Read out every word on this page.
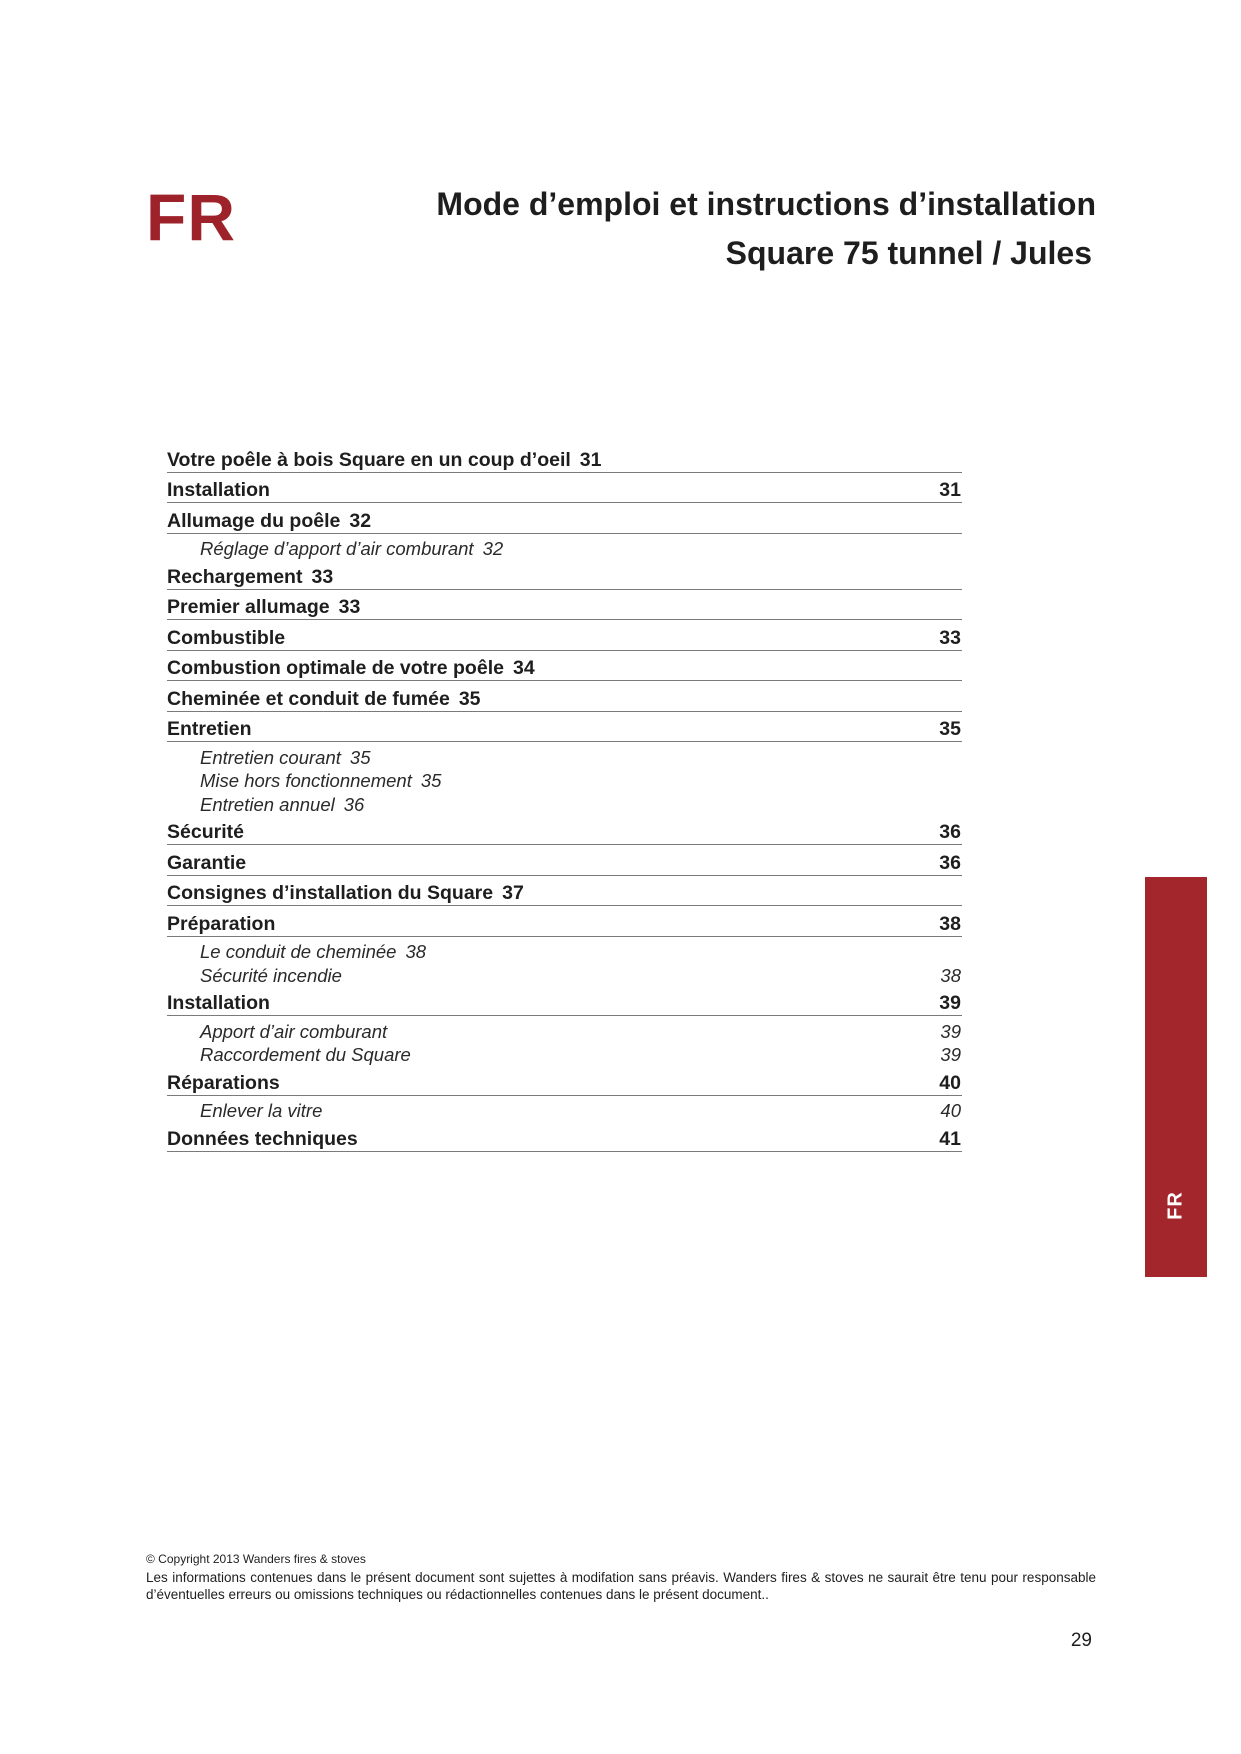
FR	Mode d’emploi et instructions d’installation
Square 75 tunnel / Jules
Votre poêle à bois Square en un coup d’oeil 31
Installation	31
Allumage du poêle 32
Réglage d’apport d’air comburant 32
Rechargement 33
Premier allumage 33
Combustible	33
Combustion optimale de votre poêle 34
Cheminée et conduit de fumée 35
Entretien	35
Entretien courant 35
Mise hors fonctionnement 35
Entretien annuel 36
Sécurité	36
Garantie	36
Consignes d’installation du Square 37
Préparation	38
Le conduit de cheminée 38
Sécurité incendie	38
Installation	39
Apport d’air comburant	39
Raccordement du Square	39
Réparations	40
Enlever la vitre	40
Données techniques	41
FR

© Copyright 2013 Wanders fires & stoves

Les informations contenues dans le présent document sont sujettes à modifation sans préavis. Wanders fires & stoves ne saurait être tenu pour responsable d’éventuelles erreurs ou omissions techniques ou rédactionnelles contenues dans le présent document..

29
